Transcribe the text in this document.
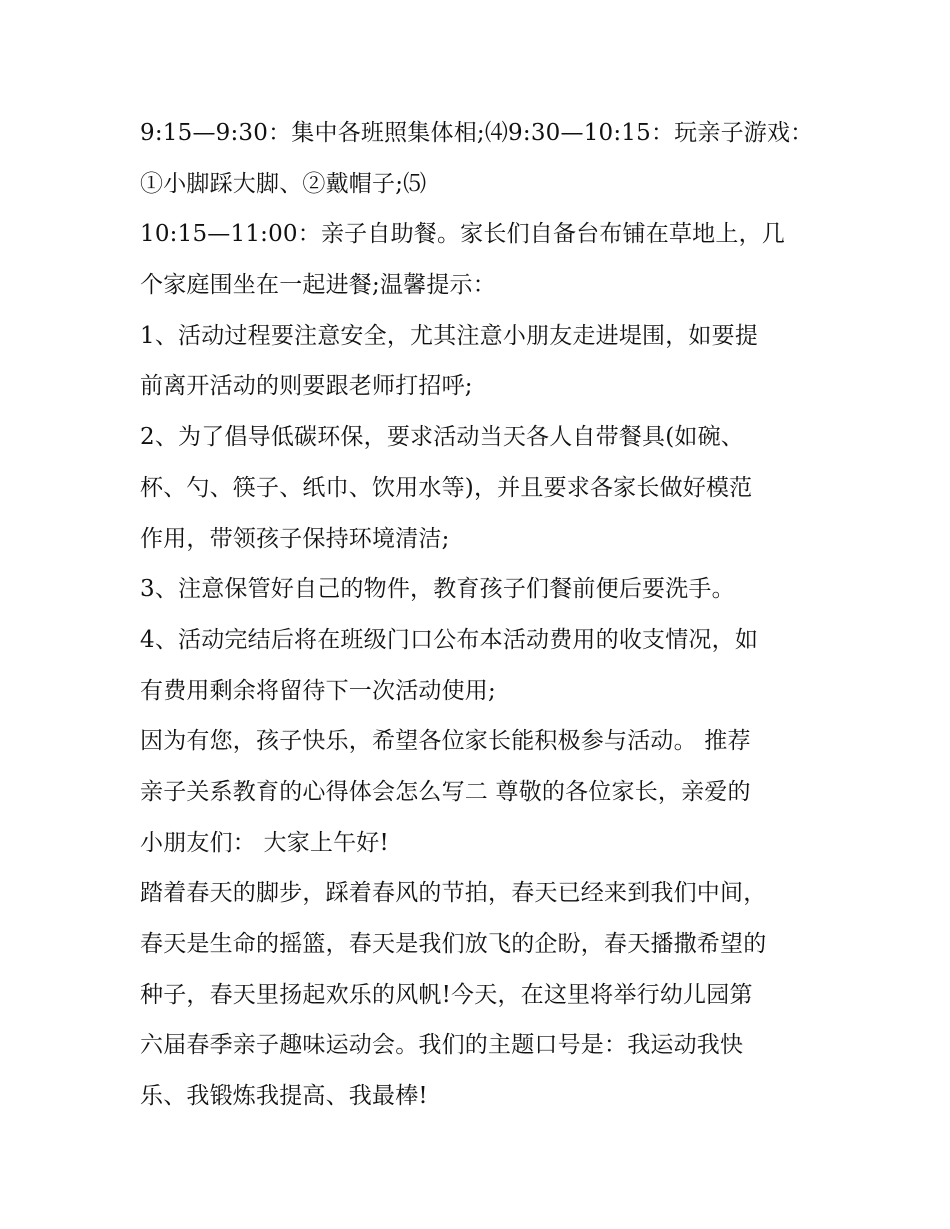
9:15—9:30：集中各班照集体相;⑷9:30—10:15：玩亲子游戏：
①小脚踩大脚、②戴帽子;⑸
10:15—11:00：亲子自助餐。家长们自备台布铺在草地上，几
个家庭围坐在一起进餐;温馨提示：
1、活动过程要注意安全，尤其注意小朋友走进堤围，如要提
前离开活动的则要跟老师打招呼;
2、为了倡导低碳环保，要求活动当天各人自带餐具(如碗、
杯、勺、筷子、纸巾、饮用水等)，并且要求各家长做好模范
作用，带领孩子保持环境清洁;
3、注意保管好自己的物件，教育孩子们餐前便后要洗手。
4、活动完结后将在班级门口公布本活动费用的收支情况，如
有费用剩余将留待下一次活动使用;
因为有您，孩子快乐，希望各位家长能积极参与活动。 推荐
亲子关系教育的心得体会怎么写二 尊敬的各位家长，亲爱的
小朋友们： 大家上午好!
踏着春天的脚步，踩着春风的节拍，春天已经来到我们中间，
春天是生命的摇篮，春天是我们放飞的企盼，春天播撒希望的
种子，春天里扬起欢乐的风帆!今天，在这里将举行幼儿园第
六届春季亲子趣味运动会。我们的主题口号是：我运动我快
乐、我锻炼我提高、我最棒!
